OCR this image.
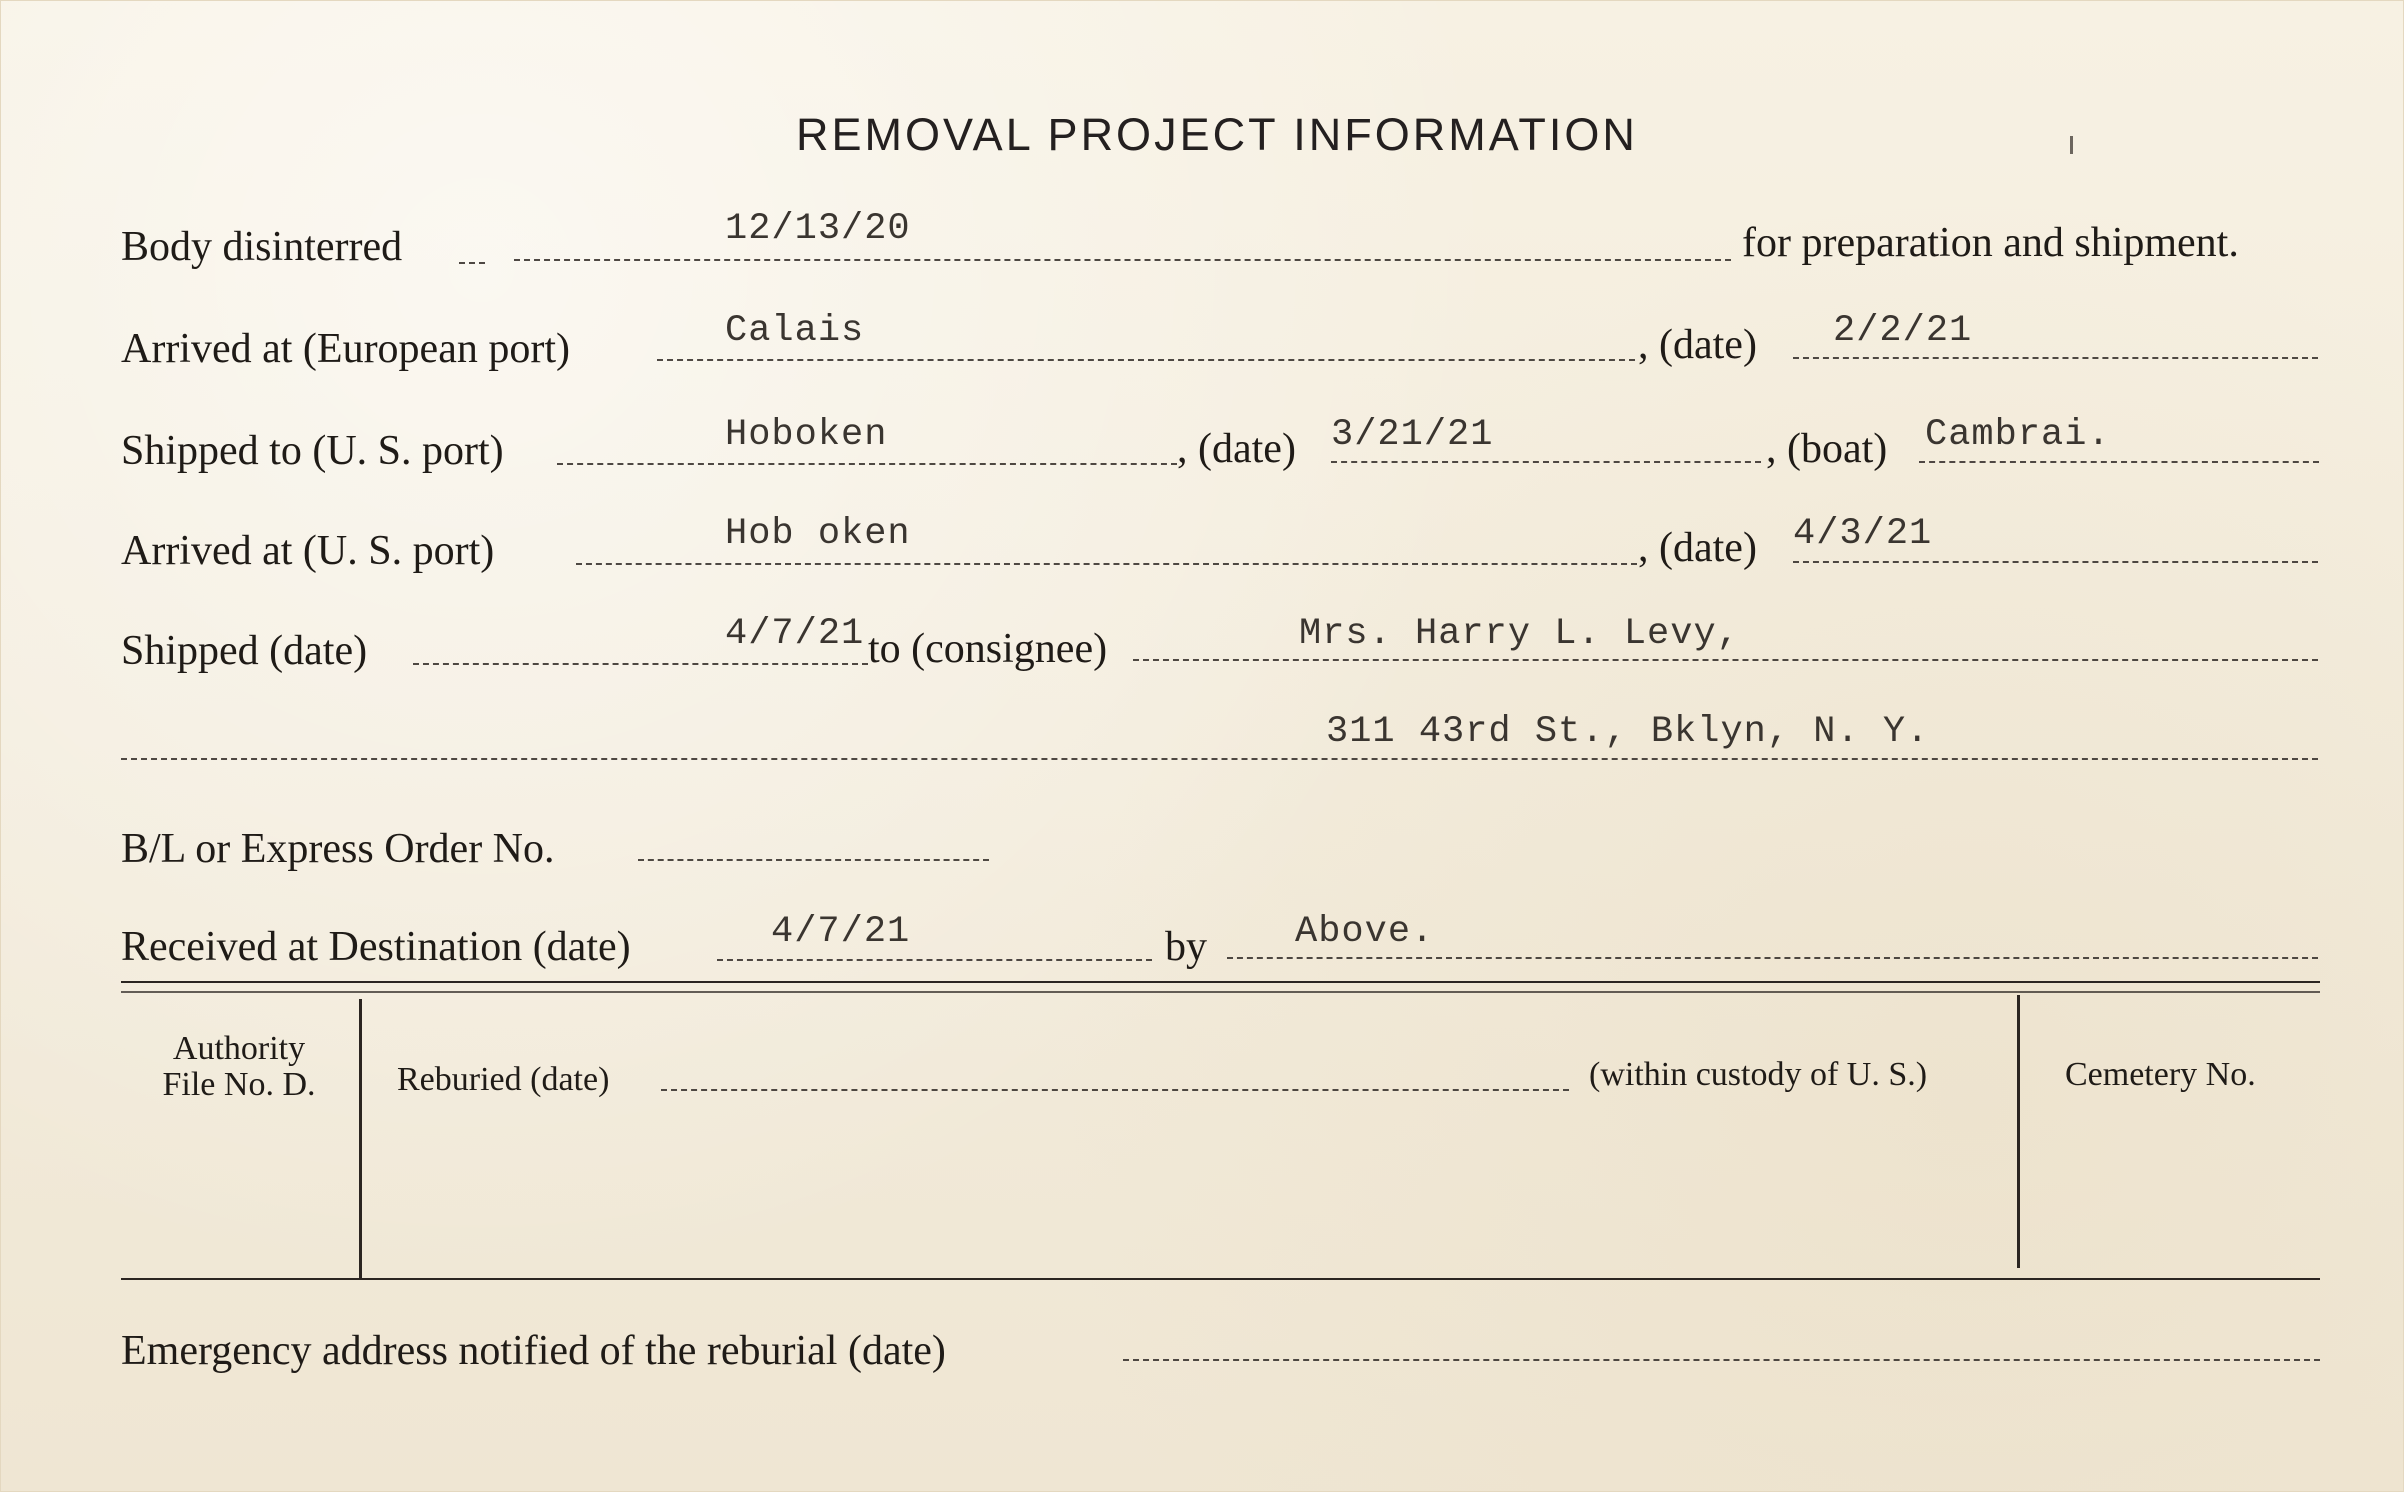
REMOVAL PROJECT INFORMATION
Body disinterred	12/13/20	for preparation and shipment.
Arrived at (European port)	Calais	, (date) 2/2/21
Shipped to (U. S. port)	Hoboken	, (date) 3/21/21	, (boat) Cambrai.
Arrived at (U. S. port)	Hob oken	, (date) 4/3/21
Shipped (date)	4/7/21 to (consignee)	Mrs. Harry L. Levy,
311 43rd St., Bklyn, N. Y.
B/L or Express Order No.
Received at Destination (date)	4/7/21	by Above.
Authority
File No. D.	Reburied (date)	(within custody of U. S.)	Cemetery No.
Emergency address notified of the reburial (date)
